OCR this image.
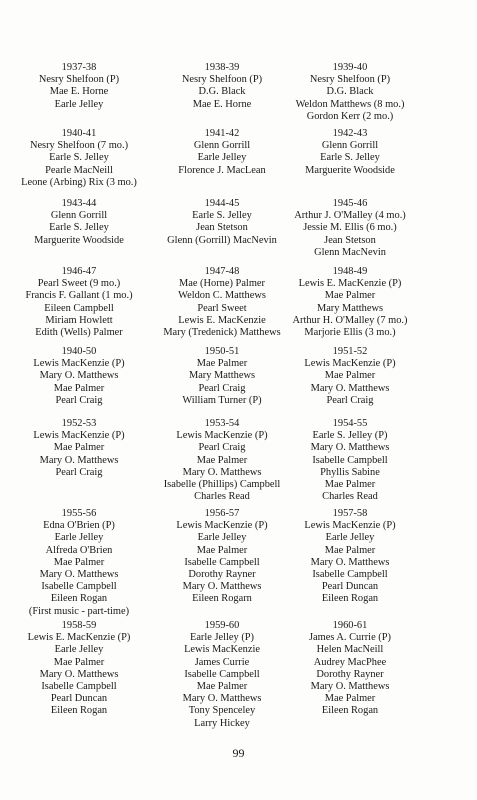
1937-38
Nesry Shelfoon (P)
Mae E. Horne
Earle Jelley
1938-39
Nesry Shelfoon (P)
D.G. Black
Mae E. Horne
1939-40
Nesry Shelfoon (P)
D.G. Black
Weldon Matthews (8 mo.)
Gordon Kerr (2 mo.)
1940-41
Nesry Shelfoon (7 mo.)
Earle S. Jelley
Pearle MacNeill
Leone (Arbing) Rix (3 mo.)
1941-42
Glenn Gorrill
Earle Jelley
Florence J. MacLean
1942-43
Glenn Gorrill
Earle S. Jelley
Marguerite Woodside
1943-44
Glenn Gorrill
Earle S. Jelley
Marguerite Woodside
1944-45
Earle S. Jelley
Jean Stetson
Glenn (Gorrill) MacNevin
1945-46
Arthur J. O'Malley (4 mo.)
Jessie M. Ellis (6 mo.)
Jean Stetson
Glenn MacNevin
1946-47
Pearl Sweet (9 mo.)
Francis F. Gallant (1 mo.)
Eileen Campbell
Miriam Howlett
Edith (Wells) Palmer
1947-48
Mae (Horne) Palmer
Weldon C. Matthews
Pearl Sweet
Lewis E. MacKenzie
Mary (Tredenick) Matthews
1948-49
Lewis E. MacKenzie (P)
Mae Palmer
Mary Matthews
Arthur H. O'Malley (7 mo.)
Marjorie Ellis (3 mo.)
1940-50
Lewis MacKenzie (P)
Mary O. Matthews
Mae Palmer
Pearl Craig
1950-51
Mae Palmer
Mary Matthews
Pearl Craig
William Turner (P)
1951-52
Lewis MacKenzie (P)
Mae Palmer
Mary O. Matthews
Pearl Craig
1952-53
Lewis MacKenzie (P)
Mae Palmer
Mary O. Matthews
Pearl Craig
1953-54
Lewis MacKenzie (P)
Pearl Craig
Mae Palmer
Mary O. Matthews
Isabelle (Phillips) Campbell
Charles Read
1954-55
Earle S. Jelley (P)
Mary O. Matthews
Isabelle Campbell
Phyllis Sabine
Mae Palmer
Charles Read
1955-56
Edna O'Brien (P)
Earle Jelley
Alfreda O'Brien
Mae Palmer
Mary O. Matthews
Isabelle Campbell
Eileen Rogan
(First music - part-time)
1956-57
Lewis MacKenzie (P)
Earle Jelley
Mae Palmer
Isabelle Campbell
Dorothy Rayner
Mary O. Matthews
Eileen Rogarn
1957-58
Lewis MacKenzie (P)
Earle Jelley
Mae Palmer
Mary O. Matthews
Isabelle Campbell
Pearl Duncan
Eileen Rogan
1958-59
Lewis E. MacKenzie (P)
Earle Jelley
Mae Palmer
Mary O. Matthews
Isabelle Campbell
Pearl Duncan
Eileen Rogan
1959-60
Earle Jelley (P)
Lewis MacKenzie
James Currie
Isabelle Campbell
Mae Palmer
Mary O. Matthews
Tony Spenceley
Larry Hickey
1960-61
James A. Currie (P)
Helen MacNeill
Audrey MacPhee
Dorothy Rayner
Mary O. Matthews
Mae Palmer
Eileen Rogan
99
